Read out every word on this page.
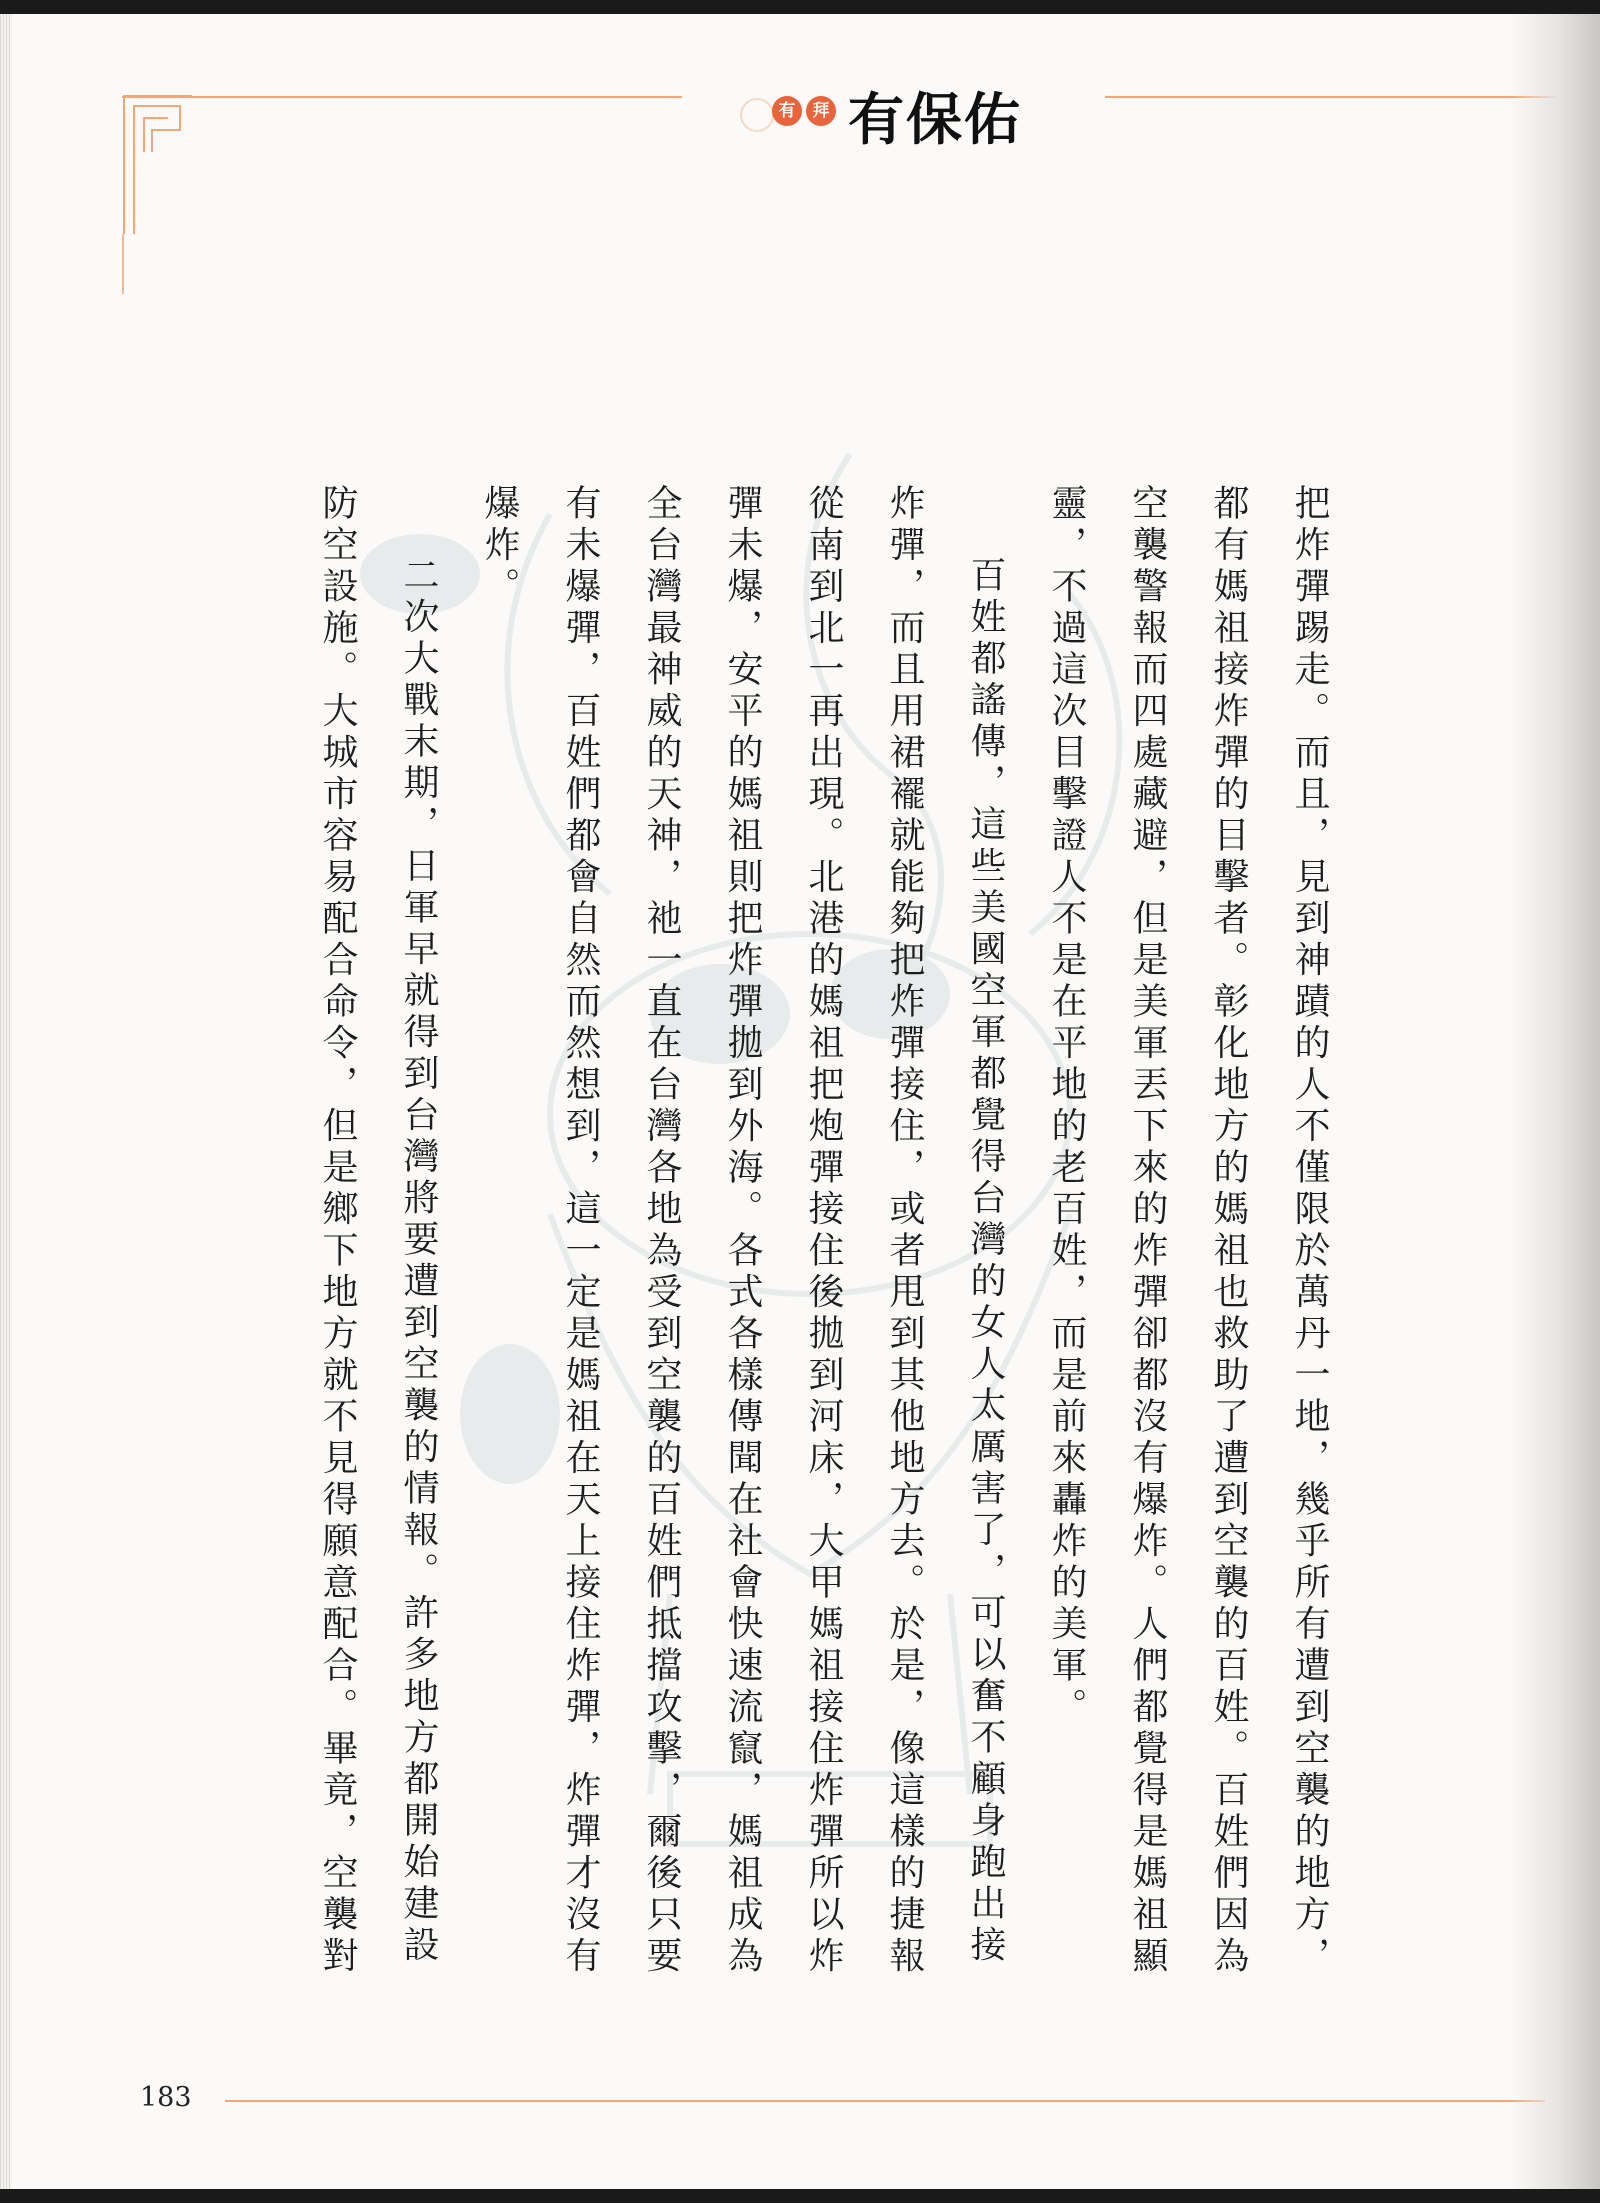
有	拜 有保佑

把炸彈踢走。而且，見到神蹟的人不僅限於萬丹一地，幾乎所有遭到空襲的地方，都有媽祖接炸彈的目擊者。彰化地方的媽祖也救助了遭到空襲的百姓。百姓們因為空襲警報而四處藏避，但是美軍丟下來的炸彈卻都沒有爆炸。人們都覺得是媽祖顯靈，不過這次目擊證人不是在平地的老百姓，而是前來轟炸的美軍。

百姓都謠傳，這些美國空軍都覺得台灣的女人太厲害了，可以奮不顧身跑出接炸彈，而且用裙襬就能夠把炸彈接住，或者甩到其他地方去。於是，像這樣的捷報從南到北一再出現。北港的媽祖把炮彈接住後拋到河床，大甲媽祖接住炸彈所以炸彈未爆，安平的媽祖則把炸彈拋到外海。各式各樣傳聞在社會快速流竄，媽祖成為全台灣最神威的天神，祂一直在台灣各地為受到空襲的百姓們抵擋攻擊，爾後只要有未爆彈，百姓們都會自然而然想到，這一定是媽祖在天上接住炸彈，炸彈才沒有爆炸。

二次大戰末期，日軍早就得到台灣將要遭到空襲的情報。許多地方都開始建設防空設施。大城市容易配合命令，但是鄉下地方就不見得願意配合。畢竟，空襲對

183
